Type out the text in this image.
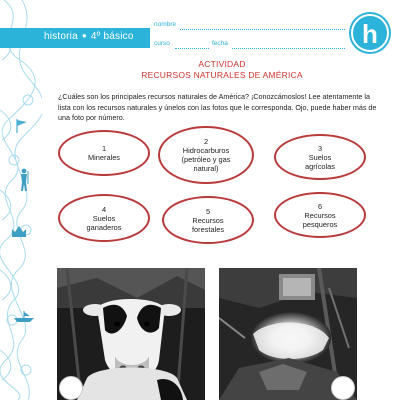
historia ● 4º básico
nombre
curso	fecha	h
ACTIVIDAD
RECURSOS NATURALES DE AMÉRICA

¿Cuáles son los principales recursos naturales de América? ¡Conozcámoslos! Lee atentamente la lista con los recursos naturales y únelos con las fotos que le corresponda. Ojo, puede haber más de una foto por número.

1
Minerales
2
Hidrocarburos
(petróleo y gas
natural)
3
Suelos
agrícolas
4
Suelos
ganaderos
5
Recursos
forestales
6
Recursos
pesqueros
